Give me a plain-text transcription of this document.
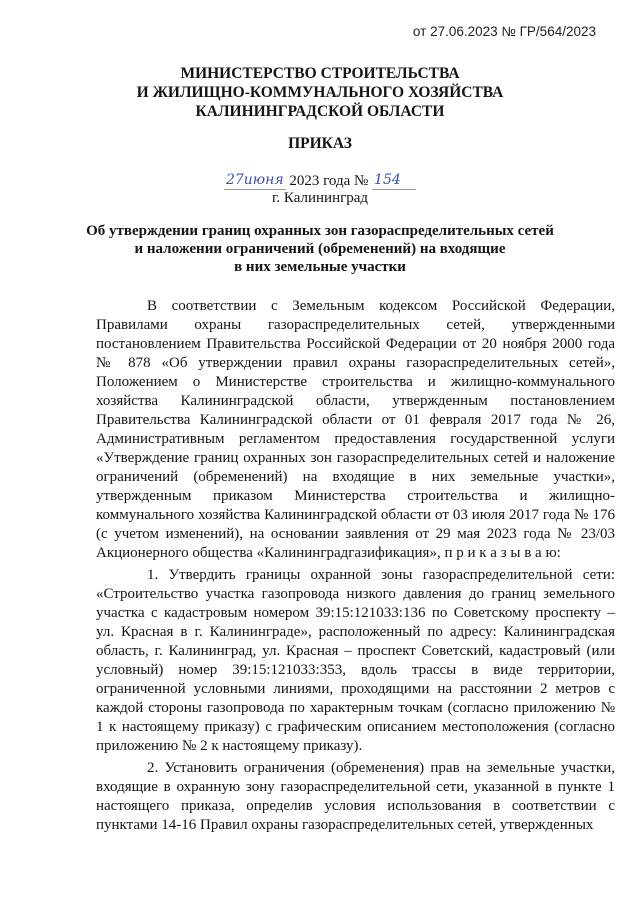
от 27.06.2023 № ГР/564/2023
МИНИСТЕРСТВО СТРОИТЕЛЬСТВА
И ЖИЛИЩНО-КОММУНАЛЬНОГО ХОЗЯЙСТВА
КАЛИНИНГРАДСКОЙ ОБЛАСТИ
ПРИКАЗ
27июня 2023 года № 154
г. Калининград
Об утверждении границ охранных зон газораспределительных сетей
и наложении ограничений (обременений) на входящие
в них земельные участки

В соответствии с Земельным кодексом Российской Федерации, Правилами охраны газораспределительных сетей, утвержденными постановлением Правительства Российской Федерации от 20 ноября 2000 года № 878 «Об утверждении правил охраны газораспределительных сетей», Положением о Министерстве строительства и жилищно-коммунального хозяйства Калининградской области, утвержденным постановлением Правительства Калининградской области от 01 февраля 2017 года № 26, Административным регламентом предоставления государственной услуги «Утверждение границ охранных зон газораспределительных сетей и наложение ограничений (обременений) на входящие в них земельные участки», утвержденным приказом Министерства строительства и жилищно-коммунального хозяйства Калининградской области от 03 июля 2017 года № 176 (с учетом изменений), на основании заявления от 29 мая 2023 года № 23/03 Акционерного общества «Калининградгазификация», п р и к а з ы в а ю:

1. Утвердить границы охранной зоны газораспределительной сети: «Строительство участка газопровода низкого давления до границ земельного участка с кадастровым номером 39:15:121033:136 по Советскому проспекту – ул. Красная в г. Калининграде», расположенный по адресу: Калининградская область, г. Калининград, ул. Красная – проспект Советский, кадастровый (или условный) номер 39:15:121033:353, вдоль трассы в виде территории, ограниченной условными линиями, проходящими на расстоянии 2 метров с каждой стороны газопровода по характерным точкам (согласно приложению № 1 к настоящему приказу) с графическим описанием местоположения (согласно приложению № 2 к настоящему приказу).

2. Установить ограничения (обременения) прав на земельные участки, входящие в охранную зону газораспределительной сети, указанной в пункте 1 настоящего приказа, определив условия использования в соответствии с пунктами 14-16 Правил охраны газораспределительных сетей, утвержденных
